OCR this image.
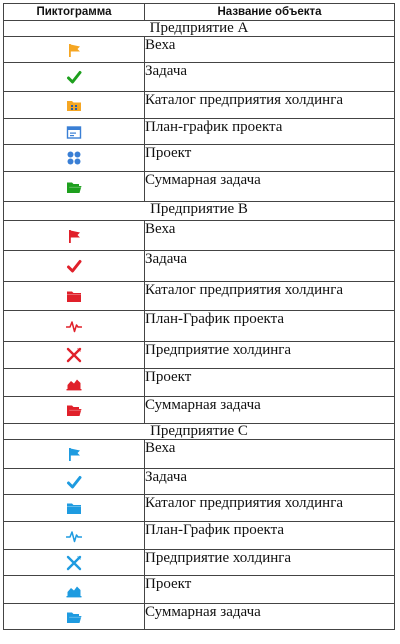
Пиктограмма	Название объекта
Предприятие А	
	Веха
	Задача
	Каталог предприятия холдинга
	План-график проекта
	Проект
	Суммарная задача
Предприятие В	
	Веха
	Задача
	Каталог предприятия холдинга
	План-График проекта
	Предприятие холдинга
	Проект
	Суммарная задача
Предприятие С	
	Веха
	Задача
	Каталог предприятия холдинга
	План-График проекта
	Предприятие холдинга
	Проект
	Суммарная задача
